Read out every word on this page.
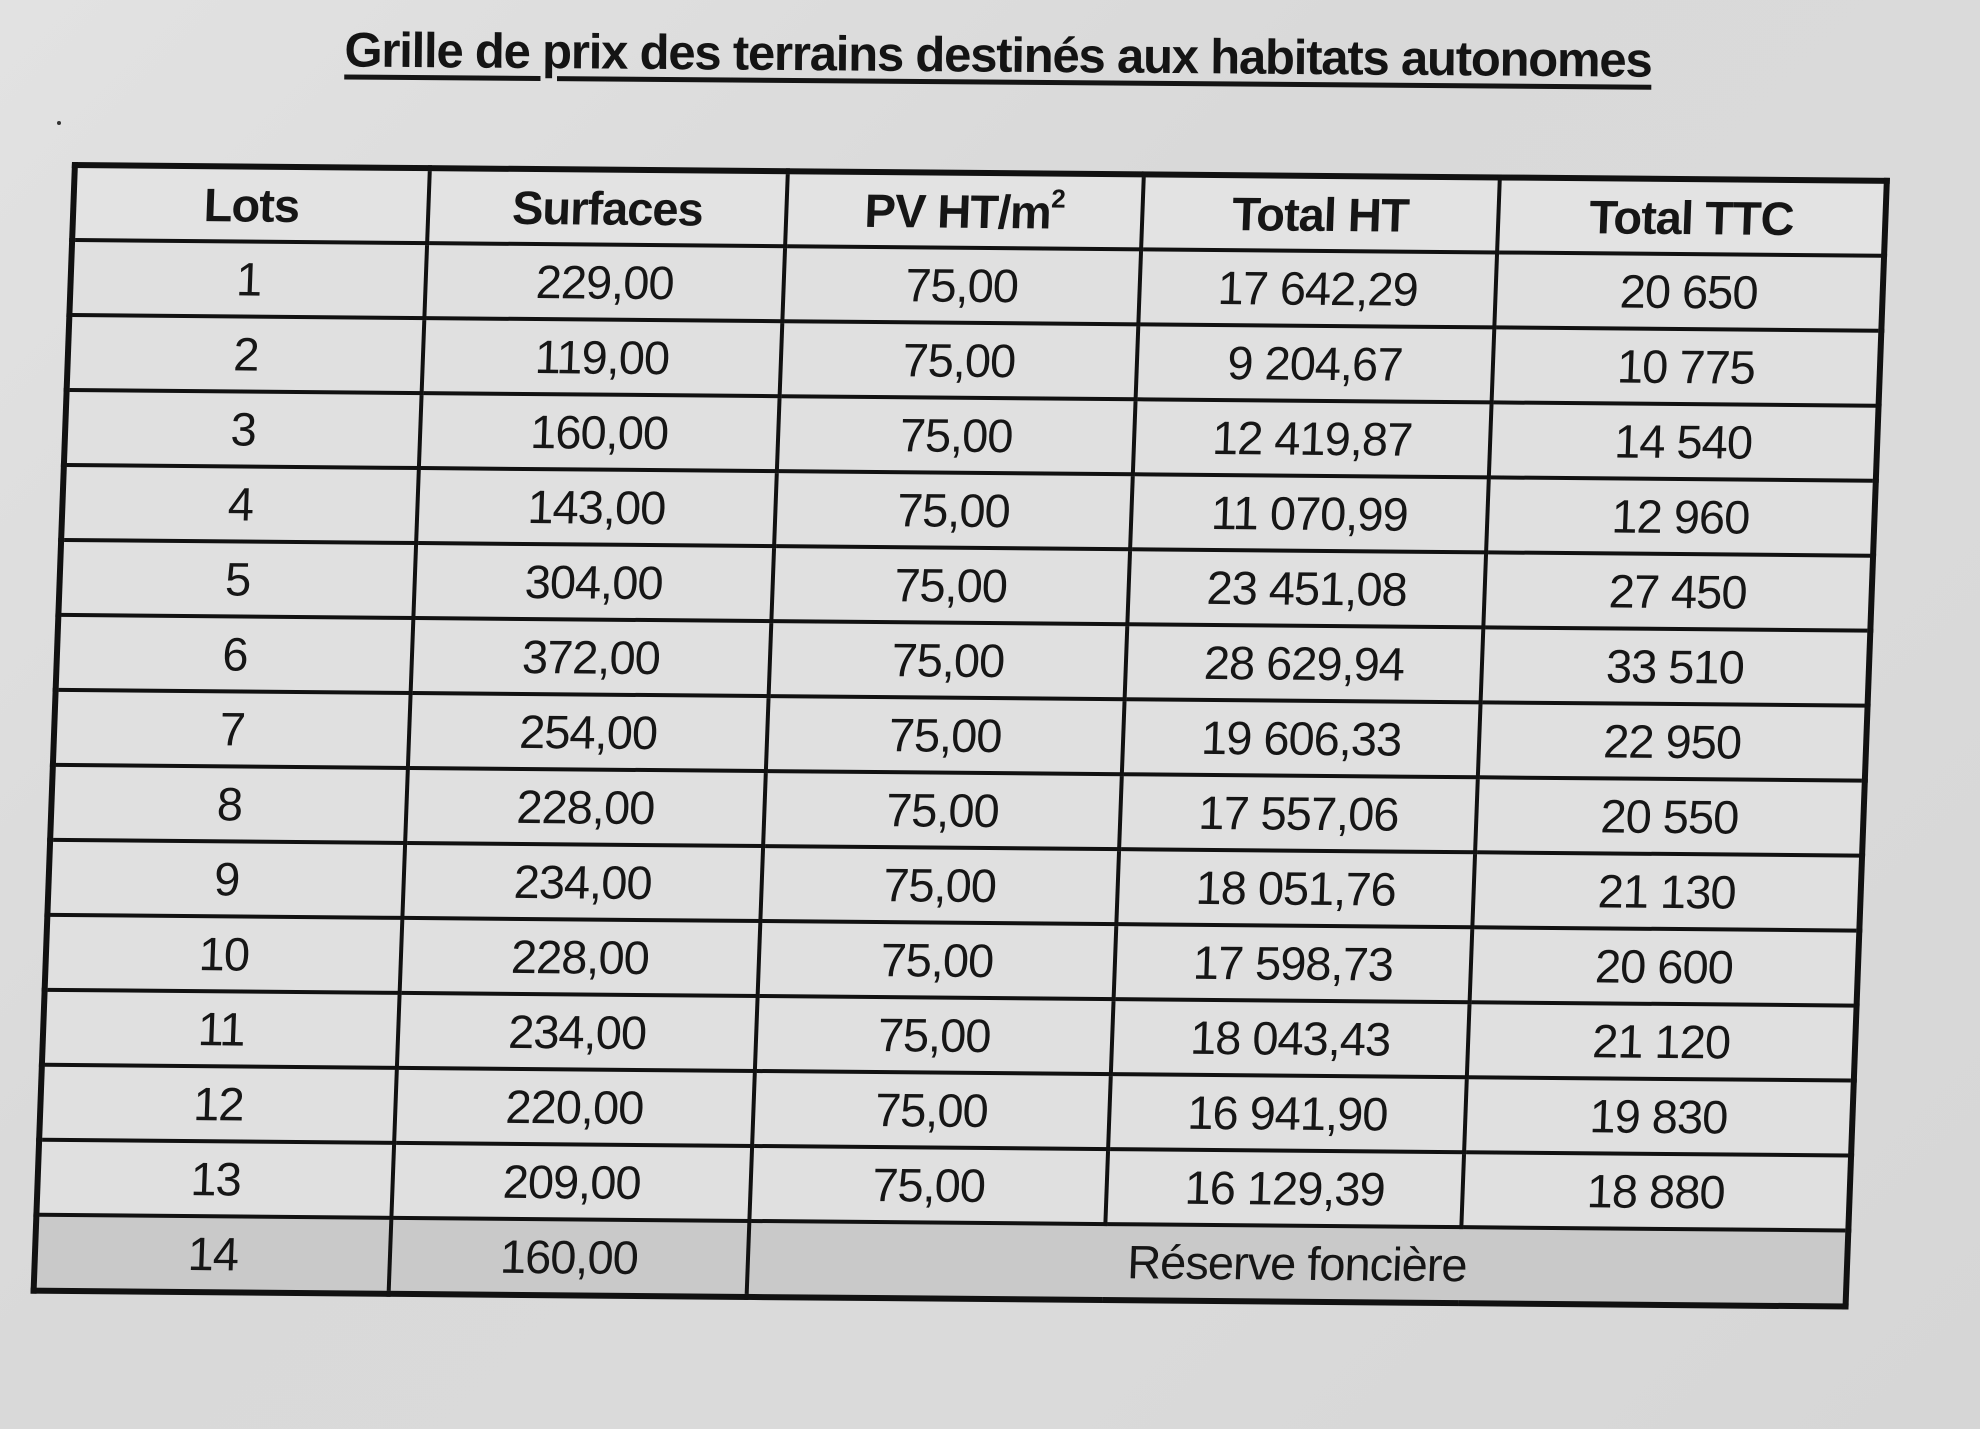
Grille de prix des terrains destinés aux habitats autonomes
Lots	Surfaces	PV $HT/m^2$	Total HT	Total TTC
1	229,00	75,00	17 642,29	20 650
2	119,00	75,00	9 204,67	10 775
3	160,00	75,00	12 419,87	14 540
4	143,00	75,00	11 070,99	12 960
5	304,00	75,00	23 451,08	27 450
6	372,00	75,00	28 629,94	33 510
7	254,00	75,00	19 606,33	22 950
8	228,00	75,00	17 557,06	20 550
9	234,00	75,00	18 051,76	21 130
10	228,00	75,00	17 598,73	20 600
11	234,00	75,00	18 043,43	21 120
12	220,00	75,00	16 941,90	19 830
13	209,00	75,00	16 129,39	18 880
14	160,00	Réserve foncière		
